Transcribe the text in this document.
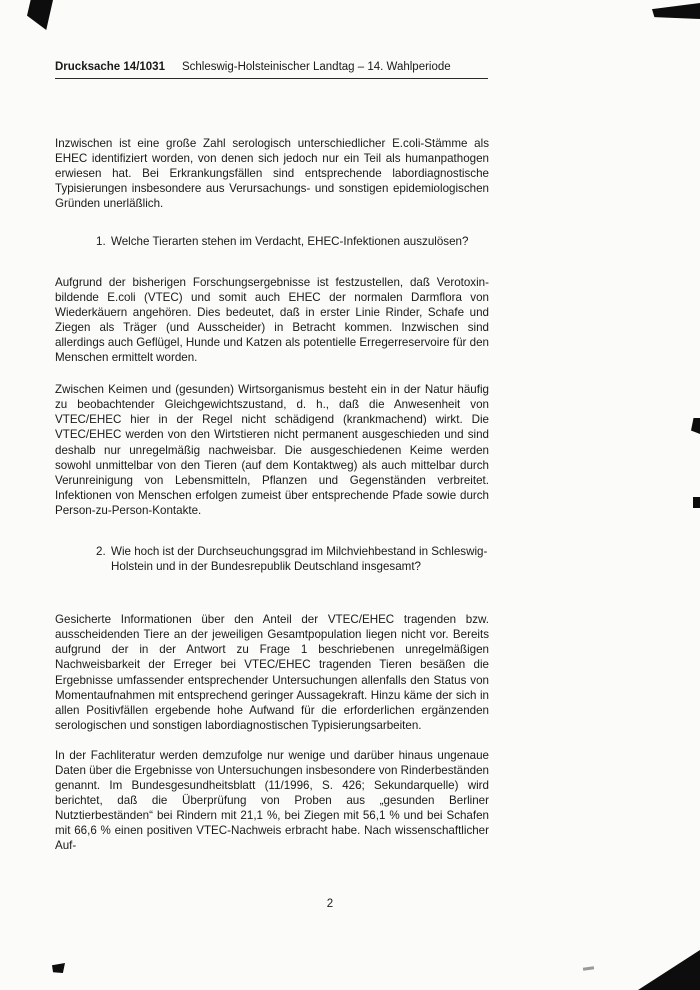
Drucksache 14/1031 Schleswig-Holsteinischer Landtag – 14. Wahlperiode

Inzwischen ist eine große Zahl serologisch unterschiedlicher E.coli-Stämme als EHEC identifiziert worden, von denen sich jedoch nur ein Teil als humanpathogen erwiesen hat. Bei Erkrankungsfällen sind entsprechende labordiagnostische Typisierungen insbesondere aus Verursachungs- und sonstigen epidemiologischen Gründen unerläßlich.

1. Welche Tierarten stehen im Verdacht, EHEC-Infektionen auszulösen?

Aufgrund der bisherigen Forschungsergebnisse ist festzustellen, daß Verotoxin-bildende E.coli (VTEC) und somit auch EHEC der normalen Darmflora von Wiederkäuern angehören. Dies bedeutet, daß in erster Linie Rinder, Schafe und Ziegen als Träger (und Ausscheider) in Betracht kommen. Inzwischen sind allerdings auch Geflügel, Hunde und Katzen als potentielle Erregerreservoire für den Menschen ermittelt worden.

Zwischen Keimen und (gesunden) Wirtsorganismus besteht ein in der Natur häufig zu beobachtender Gleichgewichtszustand, d. h., daß die Anwesenheit von VTEC/EHEC hier in der Regel nicht schädigend (krankmachend) wirkt. Die VTEC/EHEC werden von den Wirtstieren nicht permanent ausgeschieden und sind deshalb nur unregelmäßig nachweisbar. Die ausgeschiedenen Keime werden sowohl unmittelbar von den Tieren (auf dem Kontaktweg) als auch mittelbar durch Verunreinigung von Lebensmitteln, Pflanzen und Gegenständen verbreitet. Infektionen von Menschen erfolgen zumeist über entsprechende Pfade sowie durch Person-zu-Person-Kontakte.

2. Wie hoch ist der Durchseuchungsgrad im Milchviehbestand in Schleswig-Holstein und in der Bundesrepublik Deutschland insgesamt?

Gesicherte Informationen über den Anteil der VTEC/EHEC tragenden bzw. ausscheidenden Tiere an der jeweiligen Gesamtpopulation liegen nicht vor. Bereits aufgrund der in der Antwort zu Frage 1 beschriebenen unregelmäßigen Nachweisbarkeit der Erreger bei VTEC/EHEC tragenden Tieren besäßen die Ergebnisse umfassender entsprechender Untersuchungen allenfalls den Status von Momentaufnahmen mit entsprechend geringer Aussagekraft. Hinzu käme der sich in allen Positivfällen ergebende hohe Aufwand für die erforderlichen ergänzenden serologischen und sonstigen labordiagnostischen Typisierungsarbeiten.

In der Fachliteratur werden demzufolge nur wenige und darüber hinaus ungenaue Daten über die Ergebnisse von Untersuchungen insbesondere von Rinderbeständen genannt. Im Bundesgesundheitsblatt (11/1996, S. 426; Sekundarquelle) wird berichtet, daß die Überprüfung von Proben aus „gesunden Berliner Nutztierbeständen“ bei Rindern mit 21,1 %, bei Ziegen mit 56,1 % und bei Schafen mit 66,6 % einen positiven VTEC-Nachweis erbracht habe. Nach wissenschaftlicher Auf-

2
